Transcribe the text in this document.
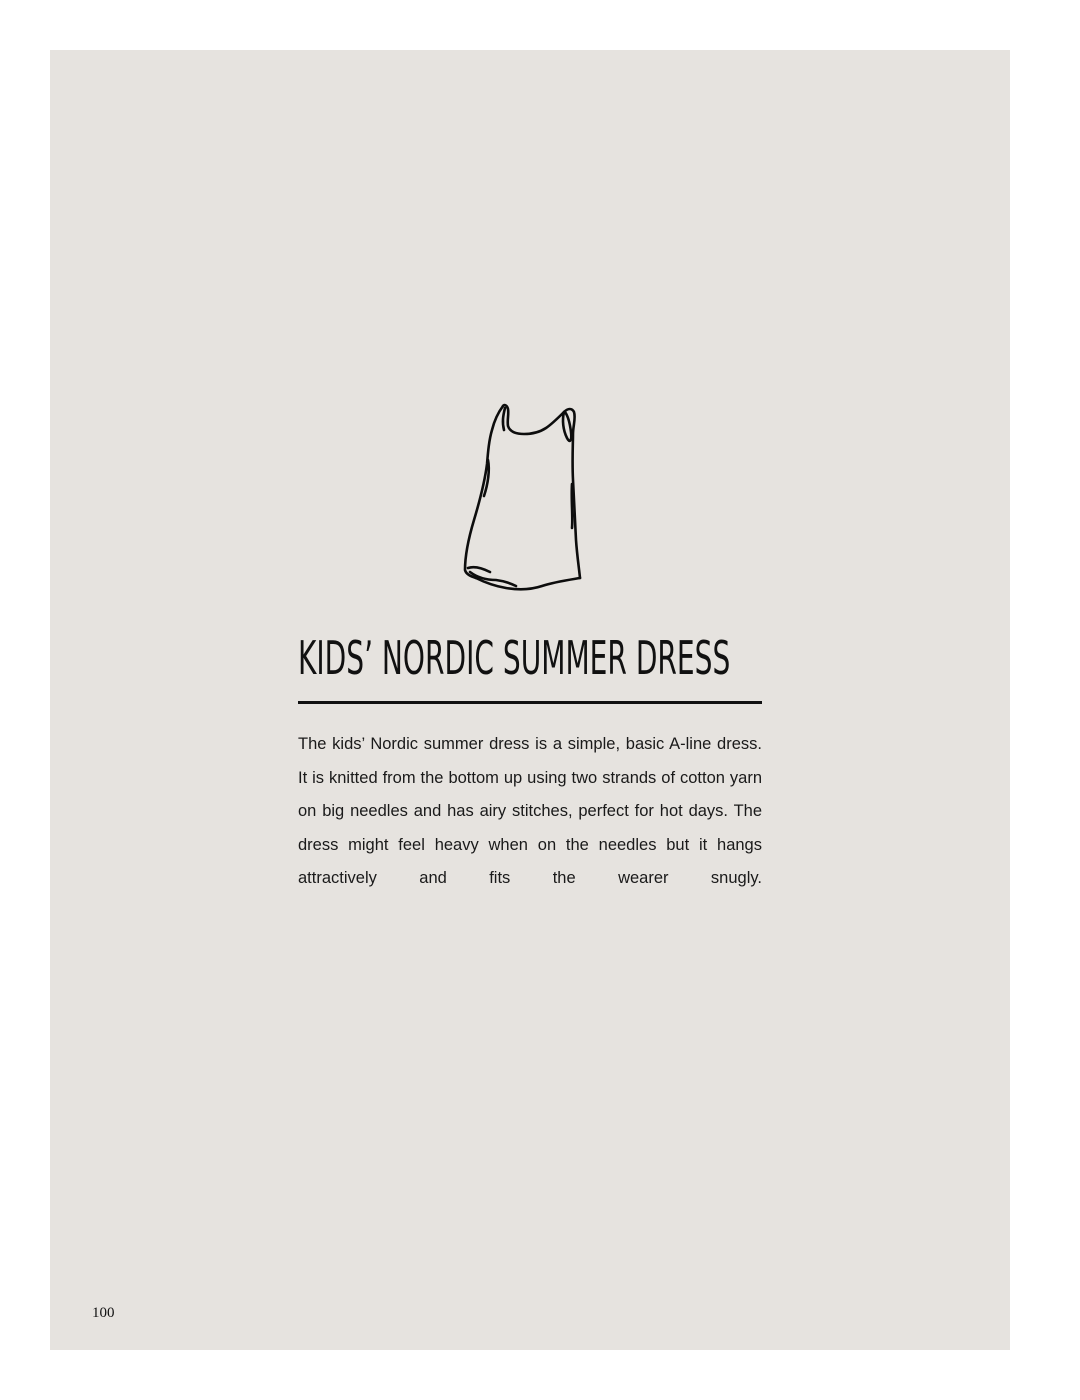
KIDS’ NORDIC SUMMER DRESS

The kids’ Nordic summer dress is a simple, basic A-line dress. It is knitted from the bottom up using two strands of cotton yarn on big needles and has airy stitches, perfect for hot days. The dress might feel heavy when on the needles but it hangs attractively and fits the wearer snugly.

100
